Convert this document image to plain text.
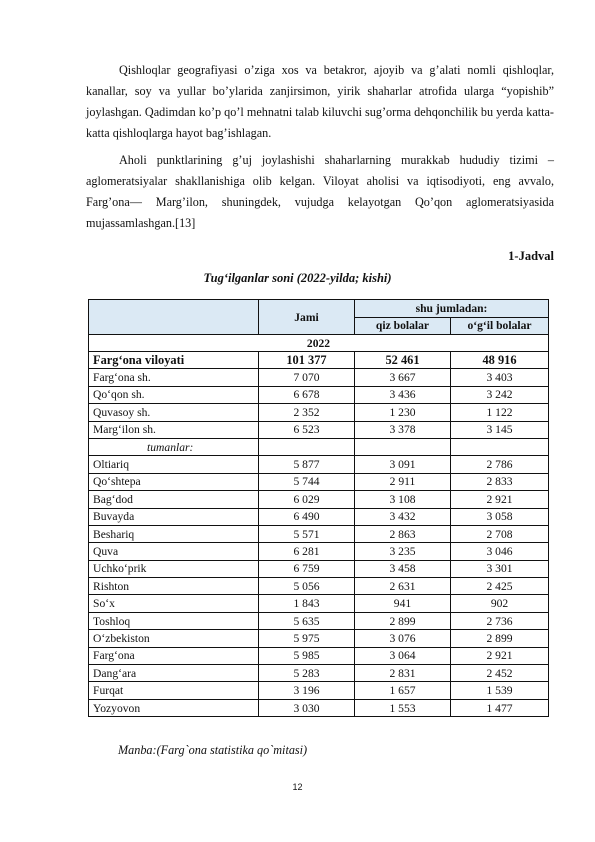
Qishloqlar geografiyasi o’ziga xos va betakror, ajoyib va g’alati nomli qishloqlar, kanallar, soy va yullar bo’ylarida zanjirsimon, yirik shaharlar atrofida ularga “yopishib” joylashgan. Qadimdan ko’p qo’l mehnatni talab kiluvchi sug’orma dehqonchilik bu yerda katta-katta qishloqlarga hayot bag’ishlagan.

Aholi punktlarining g’uj joylashishi shaharlarning murakkab hududiy tizimi – aglomeratsiyalar shakllanishiga olib kelgan. Viloyat aholisi va iqtisodiyoti, eng avvalo, Farg’ona— Marg’ilon, shuningdek, vujudga kelayotgan Qo’qon aglomeratsiyasida mujassamlashgan.[13]

1-Jadval
Tug‘ilganlar soni (2022-yilda; kishi)
	Jami	shu jumladan:	
		qiz bolalar	o‘g‘il bolalar
2022			
Farg‘ona viloyati	101 377	52 461	48 916
Farg‘ona sh.	7 070	3 667	3 403
Qo‘qon sh.	6 678	3 436	3 242
Quvasoy sh.	2 352	1 230	1 122
Marg‘ilon sh.	6 523	3 378	3 145
tumanlar:			
Oltiariq	5 877	3 091	2 786
Qo‘shtepa	5 744	2 911	2 833
Bag‘dod	6 029	3 108	2 921
Buvayda	6 490	3 432	3 058
Beshariq	5 571	2 863	2 708
Quva	6 281	3 235	3 046
Uchko‘prik	6 759	3 458	3 301
Rishton	5 056	2 631	2 425
So‘x	1 843	941	902
Toshloq	5 635	2 899	2 736
O‘zbekiston	5 975	3 076	2 899
Farg‘ona	5 985	3 064	2 921
Dang‘ara	5 283	2 831	2 452
Furqat	3 196	1 657	1 539
Yozyovon	3 030	1 553	1 477
Manba:(Farg`ona statistika qo`mitasi)
12
